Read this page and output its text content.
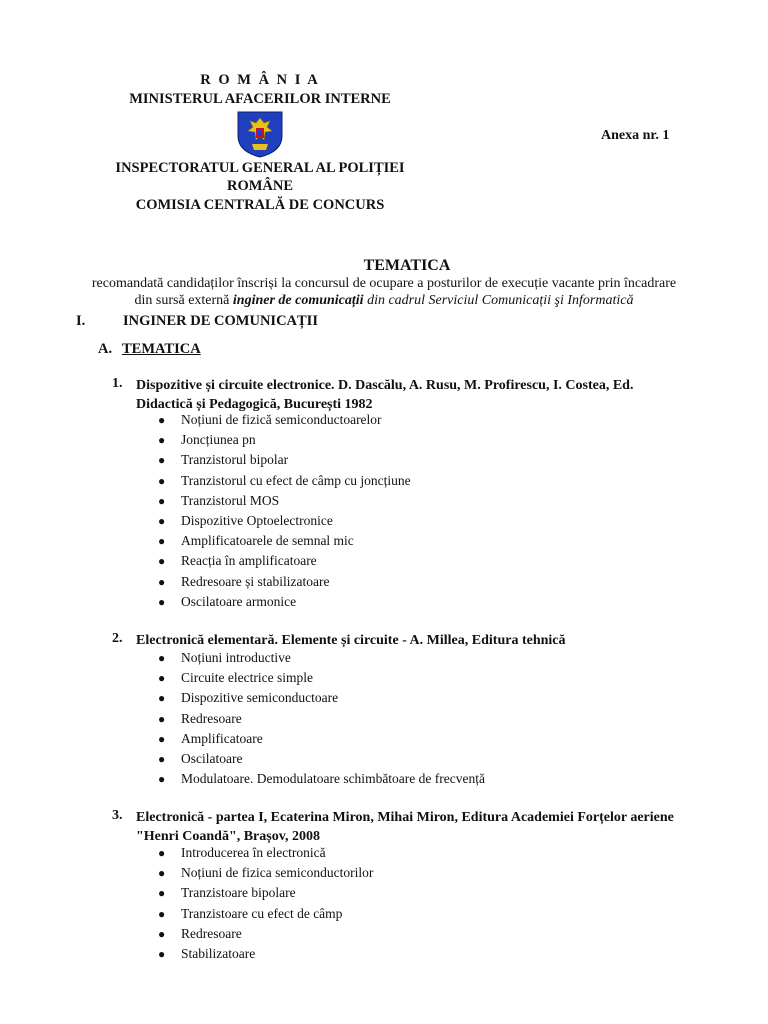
R O M Â N I A
MINISTERUL AFACERILOR INTERNE
Anexa nr. 1
INSPECTORATUL GENERAL AL POLIȚIEI
ROMÂNE
COMISIA CENTRALĂ DE CONCURS
TEMATICA
recomandată candidaților înscriși la concursul de ocupare a posturilor de execuție vacante prin încadrare
din sursă externă inginer de comunicații din cadrul Serviciul Comunicații şi Informatică
I.	INGINER DE COMUNICAȚII
A. TEMATICA
1. Dispozitive și circuite electronice. D. Dascălu, A. Rusu, M. Profirescu, I. Costea, Ed.
Didactică și Pedagogică, București 1982
● Noțiuni de fizică semiconductoarelor
● Joncțiunea pn
● Tranzistorul bipolar
● Tranzistorul cu efect de câmp cu joncțiune
● Tranzistorul MOS
● Dispozitive Optoelectronice
● Amplificatoarele de semnal mic
● Reacția în amplificatoare
● Redresoare și stabilizatoare
● Oscilatoare armonice
2. Electronică elementară. Elemente și circuite - A. Millea, Editura tehnică
● Noțiuni introductive
● Circuite electrice simple
● Dispozitive semiconductoare
● Redresoare
● Amplificatoare
● Oscilatoare
● Modulatoare. Demodulatoare schimbătoare de frecvență
3. Electronică - partea I, Ecaterina Miron, Mihai Miron, Editura Academiei Forțelor aeriene
"Henri Coandă", Brașov, 2008
● Introducerea în electronică
● Noțiuni de fizica semiconductorilor
● Tranzistoare bipolare
● Tranzistoare cu efect de câmp
● Redresoare
● Stabilizatoare
